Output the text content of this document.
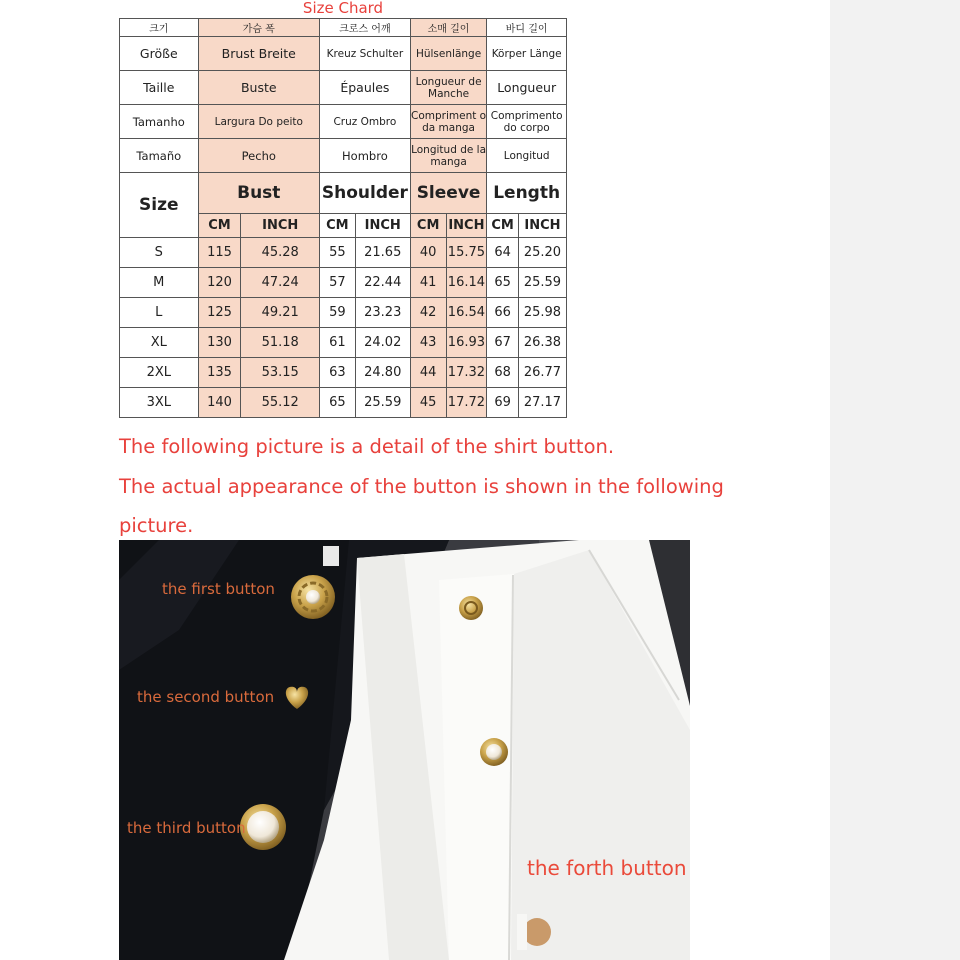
Size Chard
크기	가슴 폭		크로스 어깨		소매 길이		바디 길이	
Größe	Brust Breite		Kreuz Schulter		Hülsenlänge		Körper Länge	
Taille	Buste		Épaules		Longueur de Manche		Longueur	
Tamanho	Largura Do peito		Cruz Ombro		Compriment o da manga		Comprimento do corpo	
Tamaño	Pecho		Hombro		Longitud de la manga		Longitud	
Size	Bust		Shoulder		Sleeve		Length	
	CM	INCH	CM	INCH	CM	INCH	CM	INCH
S	115	45.28	55	21.65	40	15.75	64	25.20
M	120	47.24	57	22.44	41	16.14	65	25.59
L	125	49.21	59	23.23	42	16.54	66	25.98
XL	130	51.18	61	24.02	43	16.93	67	26.38
2XL	135	53.15	63	24.80	44	17.32	68	26.77
3XL	140	55.12	65	25.59	45	17.72	69	27.17
The following picture is a detail of the shirt button.
The actual appearance of the button is shown in the following
picture.
the first button
the second button
the third button
the forth button
